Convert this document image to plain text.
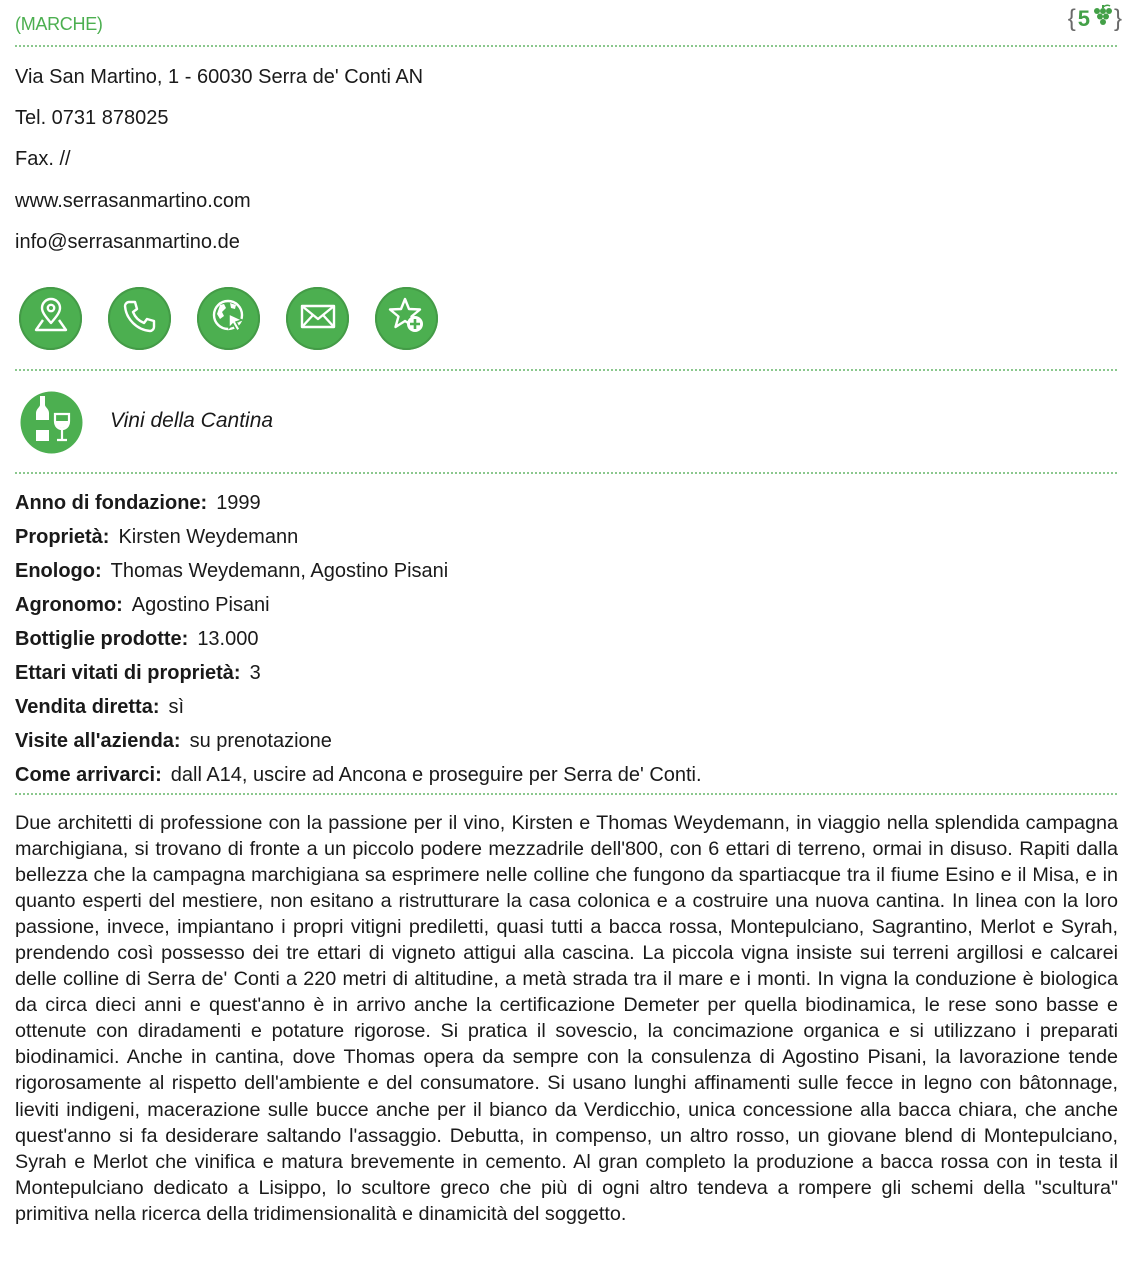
(MARCHE)	{ 5 }
Via San Martino, 1 - 60030 Serra de' Conti AN
Tel. 0731 878025
Fax. //
www.serrasanmartino.com
info@serrasanmartino.de
Vini della Cantina
Anno di fondazione: 1999
Proprietà: Kirsten Weydemann
Enologo: Thomas Weydemann, Agostino Pisani
Agronomo: Agostino Pisani
Bottiglie prodotte: 13.000
Ettari vitati di proprietà: 3
Vendita diretta: sì
Visite all'azienda: su prenotazione
Come arrivarci: dall A14, uscire ad Ancona e proseguire per Serra de' Conti.
Due architetti di professione con la passione per il vino, Kirsten e Thomas Weydemann, in viaggio nella splendida campagna marchigiana, si trovano di fronte a un piccolo podere mezzadrile dell'800, con 6 ettari di terreno, ormai in disuso. Rapiti dalla bellezza che la campagna marchigiana sa esprimere nelle colline che fungono da spartiacque tra il fiume Esino e il Misa, e in quanto esperti del mestiere, non esitano a ristrutturare la casa colonica e a costruire una nuova cantina. In linea con la loro passione, invece, impiantano i propri vitigni prediletti, quasi tutti a bacca rossa, Montepulciano, Sagrantino, Merlot e Syrah, prendendo così possesso dei tre ettari di vigneto attigui alla cascina. La piccola vigna insiste sui terreni argillosi e calcarei delle colline di Serra de' Conti a 220 metri di altitudine, a metà strada tra il mare e i monti. In vigna la conduzione è biologica da circa dieci anni e quest'anno è in arrivo anche la certificazione Demeter per quella biodinamica, le rese sono basse e ottenute con diradamenti e potature rigorose. Si pratica il sovescio, la concimazione organica e si utilizzano i preparati biodinamici. Anche in cantina, dove Thomas opera da sempre con la consulenza di Agostino Pisani, la lavorazione tende rigorosamente al rispetto dell'ambiente e del consumatore. Si usano lunghi affinamenti sulle fecce in legno con bâtonnage, lieviti indigeni, macerazione sulle bucce anche per il bianco da Verdicchio, unica concessione alla bacca chiara, che anche quest'anno si fa desiderare saltando l'assaggio. Debutta, in compenso, un altro rosso, un giovane blend di Montepulciano, Syrah e Merlot che vinifica e matura brevemente in cemento. Al gran completo la produzione a bacca rossa con in testa il Montepulciano dedicato a Lisippo, lo scultore greco che più di ogni altro tendeva a rompere gli schemi della "scultura" primitiva nella ricerca della tridimensionalità e dinamicità del soggetto.
